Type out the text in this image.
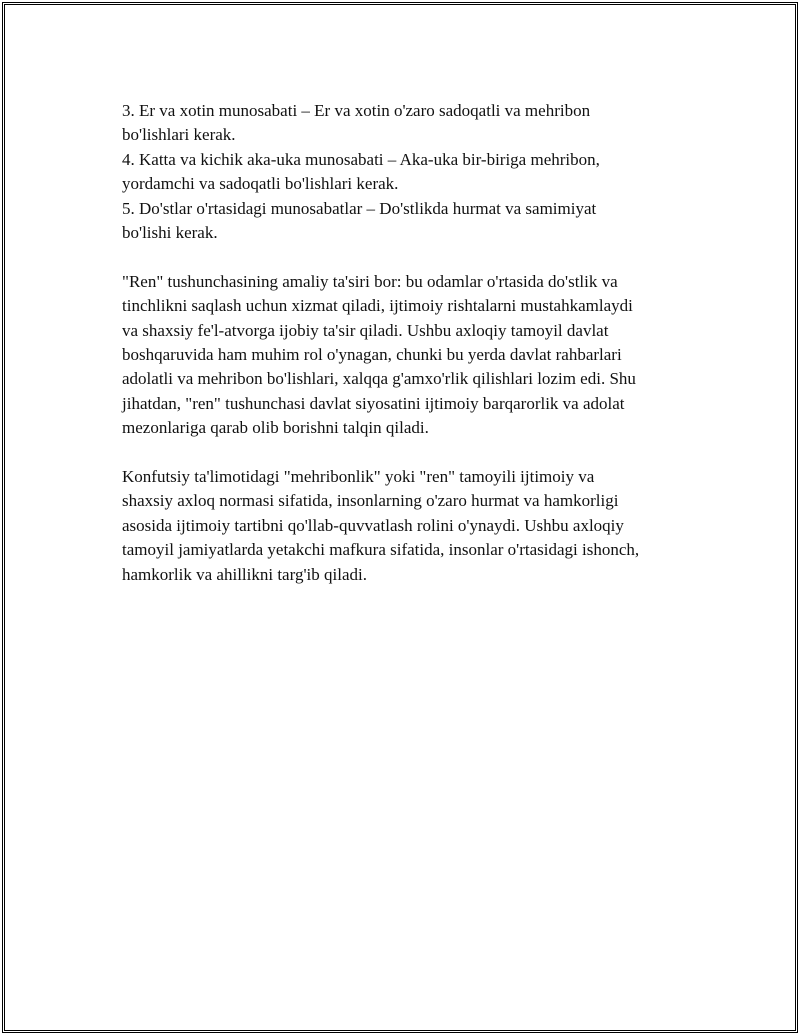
3. Er va xotin munosabati – Er va xotin o'zaro sadoqatli va mehribon
bo'lishlari kerak.
4. Katta va kichik aka-uka munosabati – Aka-uka bir-biriga mehribon,
yordamchi va sadoqatli bo'lishlari kerak.
5. Do'stlar o'rtasidagi munosabatlar – Do'stlikda hurmat va samimiyat
bo'lishi kerak.
"Ren" tushunchasining amaliy ta'siri bor: bu odamlar o'rtasida do'stlik va
tinchlikni saqlash uchun xizmat qiladi, ijtimoiy rishtalarni mustahkamlaydi
va shaxsiy fe'l-atvorga ijobiy ta'sir qiladi. Ushbu axloqiy tamoyil davlat
boshqaruvida ham muhim rol o'ynagan, chunki bu yerda davlat rahbarlari
adolatli va mehribon bo'lishlari, xalqqa g'amxo'rlik qilishlari lozim edi. Shu
jihatdan, "ren" tushunchasi davlat siyosatini ijtimoiy barqarorlik va adolat
mezonlariga qarab olib borishni talqin qiladi.
Konfutsiy ta'limotidagi "mehribonlik" yoki "ren" tamoyili ijtimoiy va
shaxsiy axloq normasi sifatida, insonlarning o'zaro hurmat va hamkorligi
asosida ijtimoiy tartibni qo'llab-quvvatlash rolini o'ynaydi. Ushbu axloqiy
tamoyil jamiyatlarda yetakchi mafkura sifatida, insonlar o'rtasidagi ishonch,
hamkorlik va ahillikni targ'ib qiladi.
